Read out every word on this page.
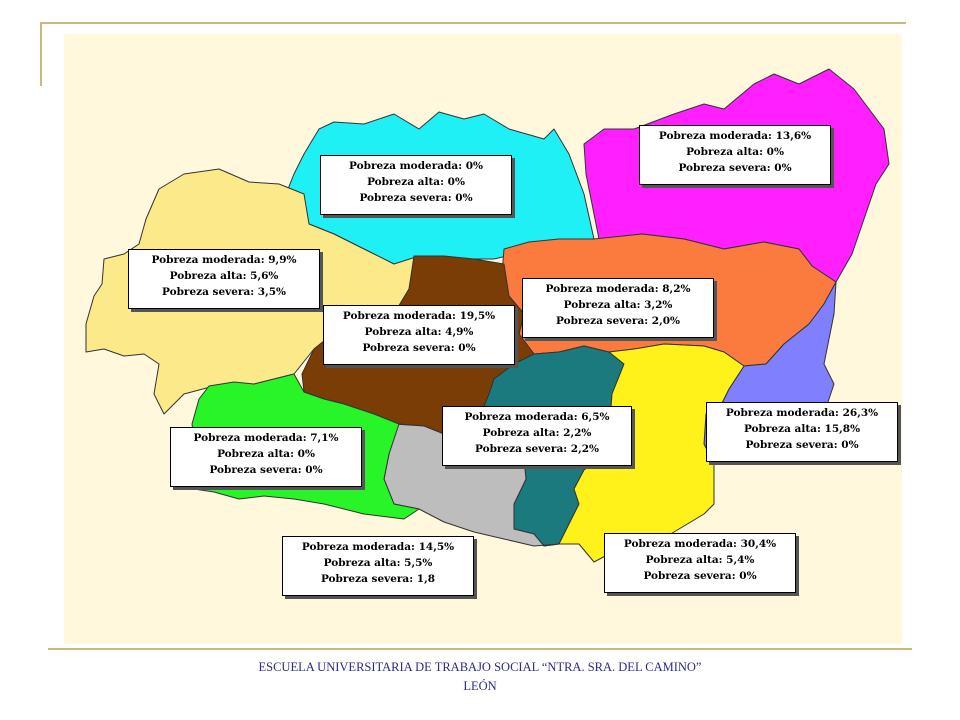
Pobreza moderada: 0%
Pobreza alta: 0%
Pobreza severa: 0%
Pobreza moderada: 13,6%
Pobreza alta: 0%
Pobreza severa: 0%
Pobreza moderada: 9,9%
Pobreza alta: 5,6%
Pobreza severa: 3,5%	Pobreza moderada: 8,2%
Pobreza alta: 3,2%
Pobreza severa: 2,0%
Pobreza moderada: 19,5%
Pobreza alta: 4,9%
Pobreza severa: 0%
Pobreza moderada: 6,5%
Pobreza alta: 2,2%
Pobreza severa: 2,2%
Pobreza moderada: 26,3%
Pobreza alta: 15,8%
Pobreza severa: 0%
Pobreza moderada: 7,1%
Pobreza alta: 0%
Pobreza severa: 0%
Pobreza moderada: 14,5%
Pobreza alta: 5,5%
Pobreza severa: 1,8
Pobreza moderada: 30,4%
Pobreza alta: 5,4%
Pobreza severa: 0%
ESCUELA UNIVERSITARIA DE TRABAJO SOCIAL “NTRA. SRA. DEL CAMINO”
LEÓN
